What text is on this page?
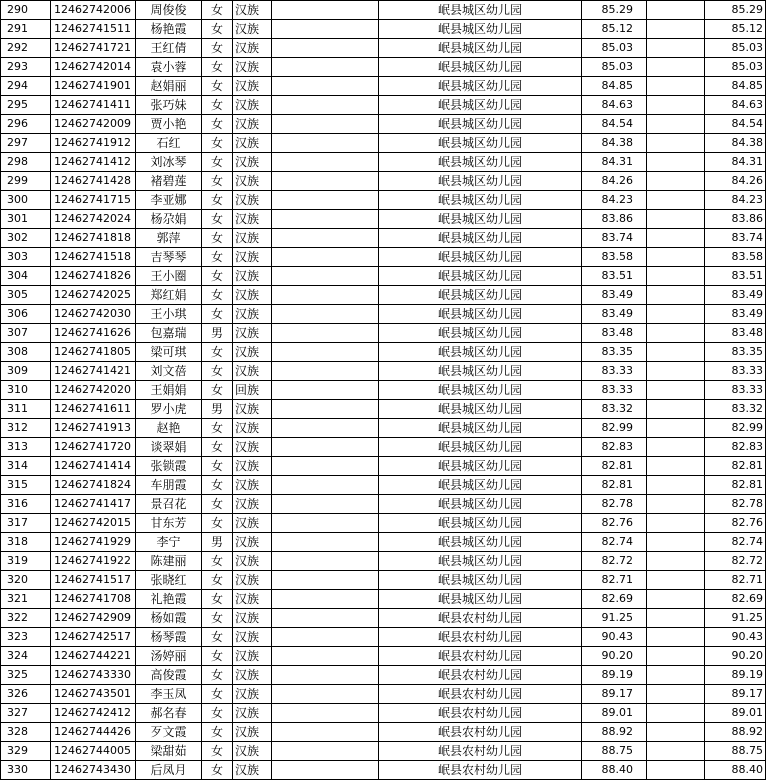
290	12462742006	周俊俊	女	汉族		岷县城区幼儿园	85.29		85.29
291	12462741511	杨艳霞	女	汉族		岷县城区幼儿园	85.12		85.12
292	12462741721	王红倩	女	汉族		岷县城区幼儿园	85.03		85.03
293	12462742014	袁小蓉	女	汉族		岷县城区幼儿园	85.03		85.03
294	12462741901	赵娟丽	女	汉族		岷县城区幼儿园	84.85		84.85
295	12462741411	张巧妹	女	汉族		岷县城区幼儿园	84.63		84.63
296	12462742009	贾小艳	女	汉族		岷县城区幼儿园	84.54		84.54
297	12462741912	石红	女	汉族		岷县城区幼儿园	84.38		84.38
298	12462741412	刘冰琴	女	汉族		岷县城区幼儿园	84.31		84.31
299	12462741428	褚碧莲	女	汉族		岷县城区幼儿园	84.26		84.26
300	12462741715	李亚娜	女	汉族		岷县城区幼儿园	84.23		84.23
301	12462742024	杨尕娟	女	汉族		岷县城区幼儿园	83.86		83.86
302	12462741818	郭萍	女	汉族		岷县城区幼儿园	83.74		83.74
303	12462741518	吉琴琴	女	汉族		岷县城区幼儿园	83.58		83.58
304	12462741826	王小圈	女	汉族		岷县城区幼儿园	83.51		83.51
305	12462742025	郑红娟	女	汉族		岷县城区幼儿园	83.49		83.49
306	12462742030	王小琪	女	汉族		岷县城区幼儿园	83.49		83.49
307	12462741626	包嘉瑞	男	汉族		岷县城区幼儿园	83.48		83.48
308	12462741805	梁可琪	女	汉族		岷县城区幼儿园	83.35		83.35
309	12462741421	刘文蓓	女	汉族		岷县城区幼儿园	83.33		83.33
310	12462742020	王娟娟	女	回族		岷县城区幼儿园	83.33		83.33
311	12462741611	罗小虎	男	汉族		岷县城区幼儿园	83.32		83.32
312	12462741913	赵艳	女	汉族		岷县城区幼儿园	82.99		82.99
313	12462741720	谈翠娟	女	汉族		岷县城区幼儿园	82.83		82.83
314	12462741414	张锁霞	女	汉族		岷县城区幼儿园	82.81		82.81
315	12462741824	车朋霞	女	汉族		岷县城区幼儿园	82.81		82.81
316	12462741417	景召花	女	汉族		岷县城区幼儿园	82.78		82.78
317	12462742015	甘东芳	女	汉族		岷县城区幼儿园	82.76		82.76
318	12462741929	李宁	男	汉族		岷县城区幼儿园	82.74		82.74
319	12462741922	陈建丽	女	汉族		岷县城区幼儿园	82.72		82.72
320	12462741517	张晓红	女	汉族		岷县城区幼儿园	82.71		82.71
321	12462741708	礼艳霞	女	汉族		岷县城区幼儿园	82.69		82.69
322	12462742909	杨如霞	女	汉族		岷县农村幼儿园	91.25		91.25
323	12462742517	杨琴霞	女	汉族		岷县农村幼儿园	90.43		90.43
324	12462744221	汤婷丽	女	汉族		岷县农村幼儿园	90.20		90.20
325	12462743330	高俊霞	女	汉族		岷县农村幼儿园	89.19		89.19
326	12462743501	李玉凤	女	汉族		岷县农村幼儿园	89.17		89.17
327	12462742412	郝名春	女	汉族		岷县农村幼儿园	89.01		89.01
328	12462744426	歹文霞	女	汉族		岷县农村幼儿园	88.92		88.92
329	12462744005	梁甜茹	女	汉族		岷县农村幼儿园	88.75		88.75
330	12462743430	后凤月	女	汉族		岷县农村幼儿园	88.40		88.40
